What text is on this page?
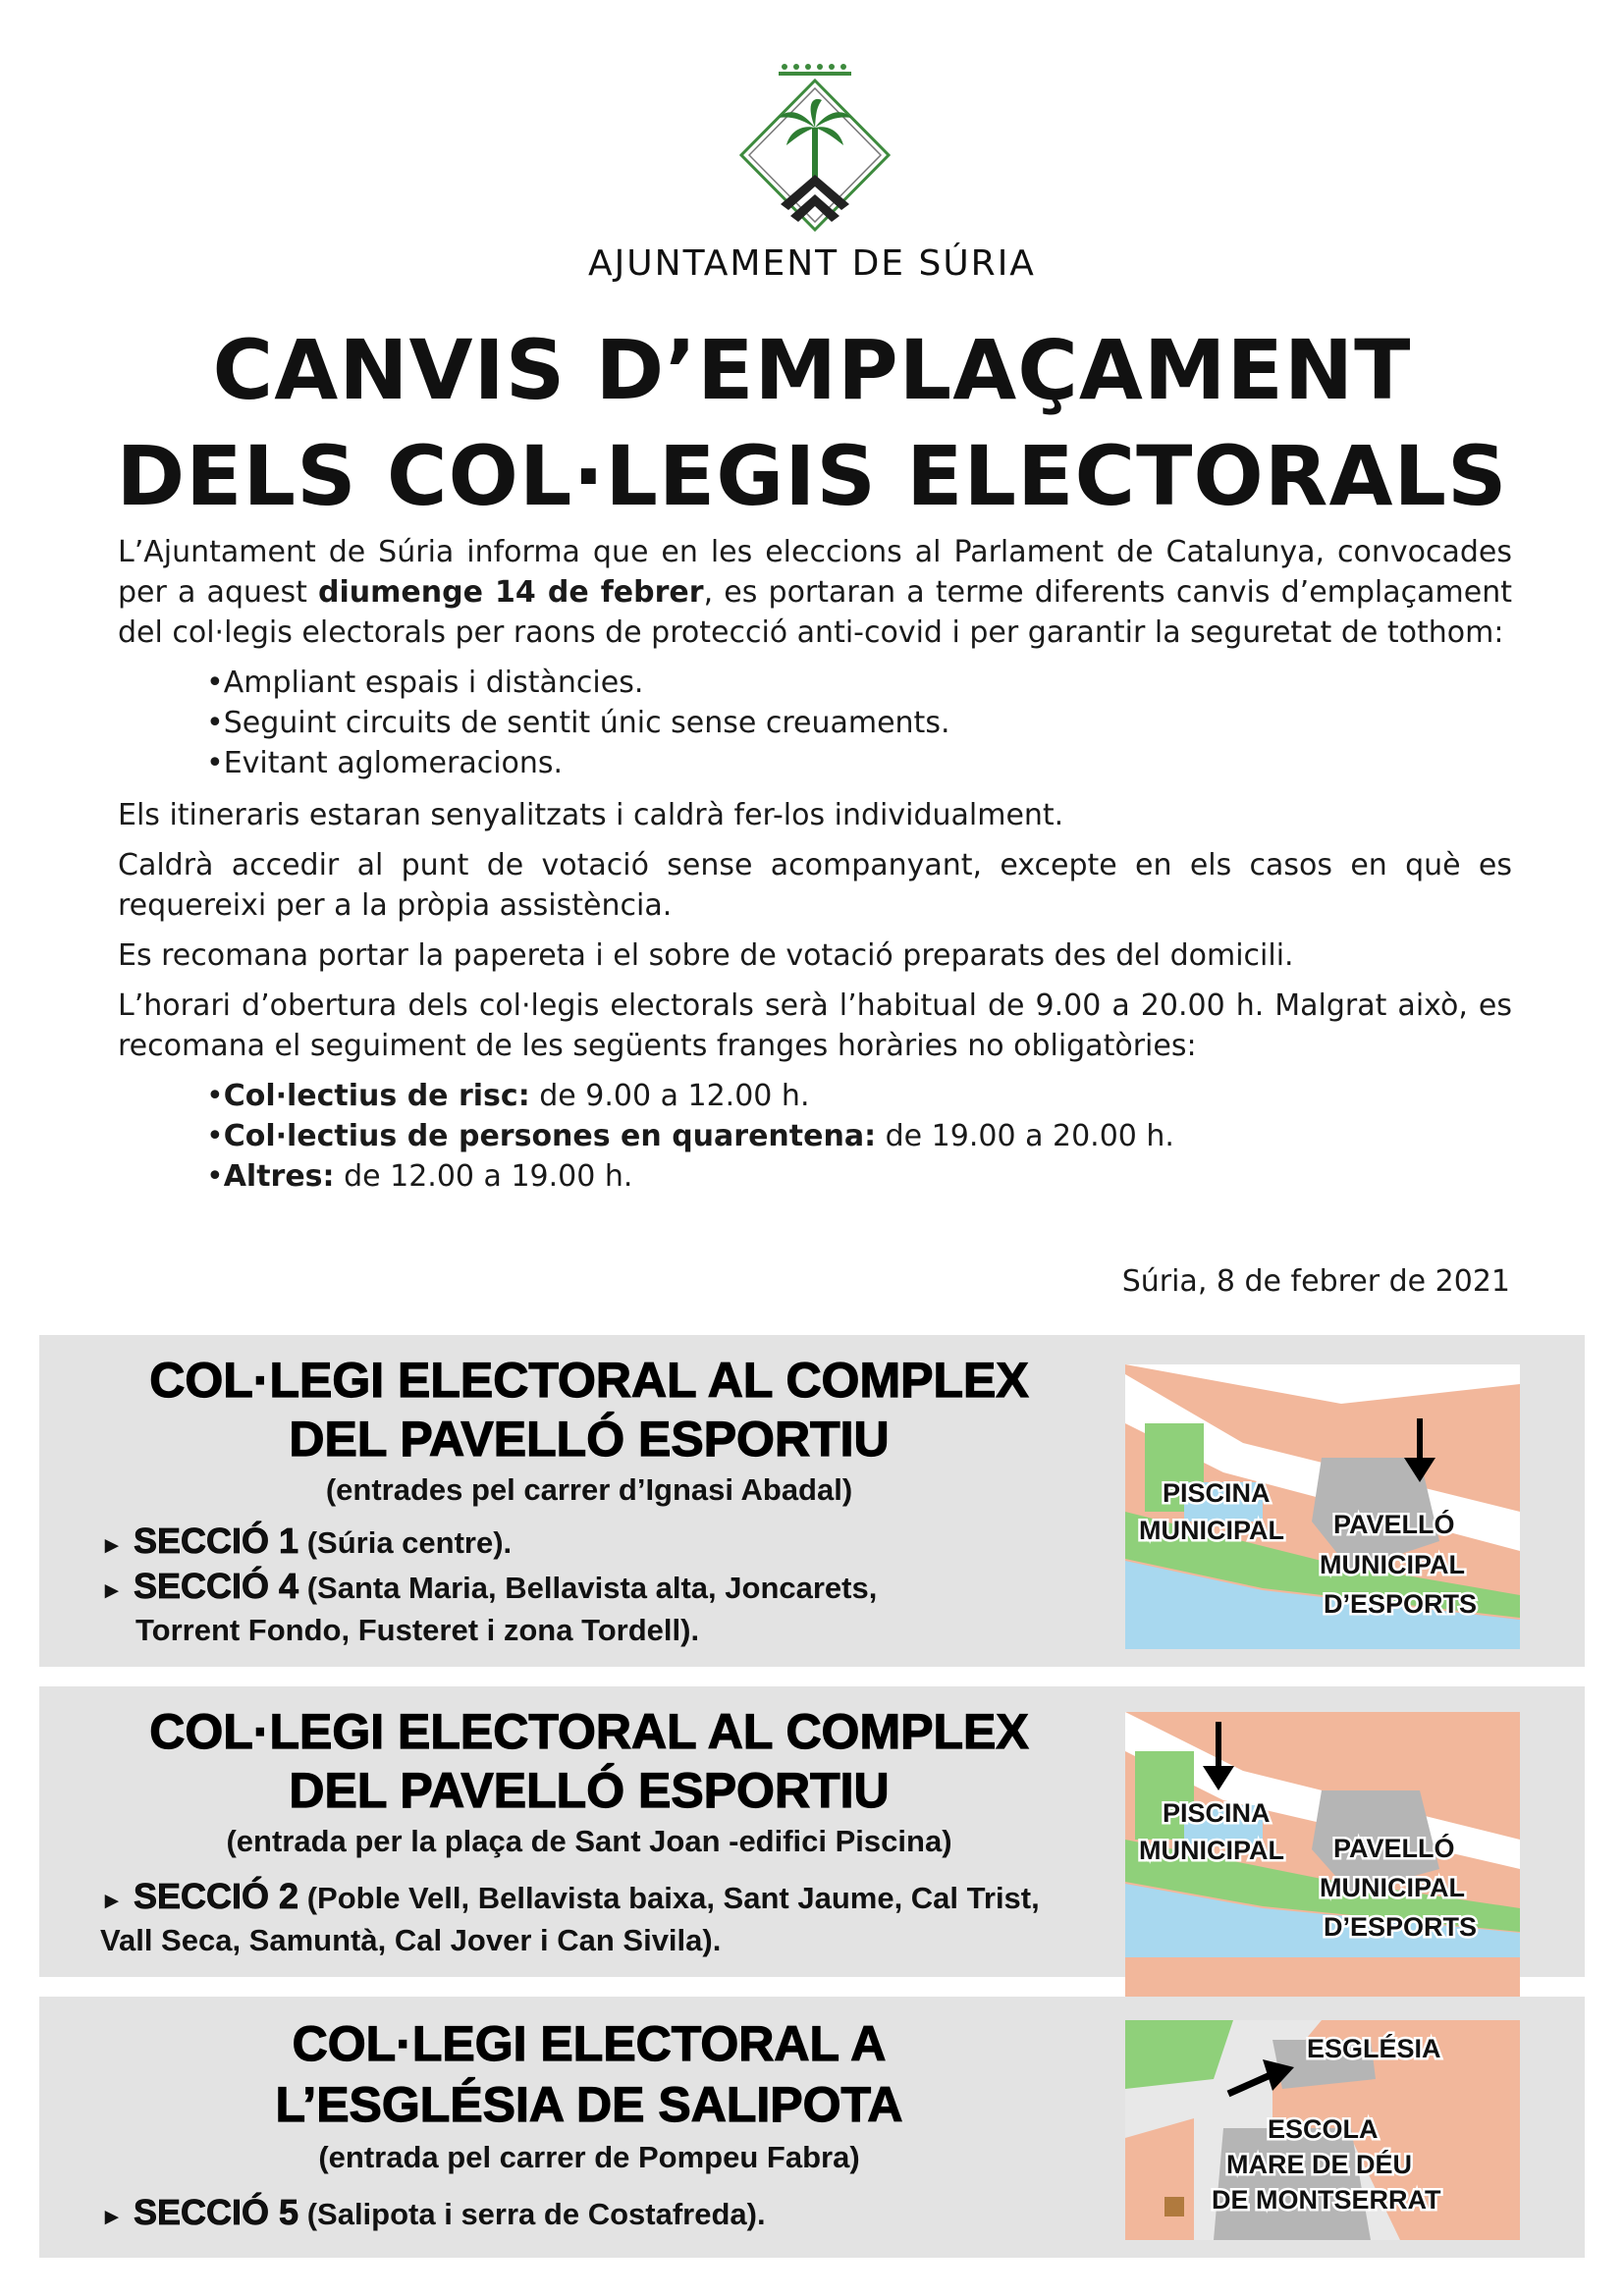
AJUNTAMENT DE SÚRIA
CANVIS D’EMPLAÇAMENT
DELS COL·LEGIS ELECTORALS

L’Ajuntament de Súria informa que en les eleccions al Parlament de Catalunya, convocades per a aquest diumenge 14 de febrer, es portaran a terme diferents canvis d’emplaçament del col·legis electorals per raons de protecció anti-covid i per garantir la seguretat de tothom:

• Ampliant espais i distàncies.
• Seguint circuits de sentit únic sense creuaments.
• Evitant aglomeracions.

Els itineraris estaran senyalitzats i caldrà fer-los individualment.

Caldrà accedir al punt de votació sense acompanyant, excepte en els casos en què es requereixi per a la pròpia assistència.

Es recomana portar la papereta i el sobre de votació preparats des del domicili.

L’horari d’obertura dels col·legis electorals serà l’habitual de 9.00 a 20.00 h. Malgrat això, es recomana el seguiment de les següents franges horàries no obligatòries:

• Col·lectius de risc: de 9.00 a 12.00 h.
• Col·lectius de persones en quarentena: de 19.00 a 20.00 h.
• Altres: de 12.00 a 19.00 h.
Súria, 8 de febrer de 2021
COL·LEGI ELECTORAL AL COMPLEX
DEL PAVELLÓ ESPORTIU
(entrades pel carrer d’Ignasi Abadal)
► SECCIÓ 1 (Súria centre).
► SECCIÓ 4 (Santa Maria, Bellavista alta, Joncarets,
Torrent Fondo, Fusteret i zona Tordell).
PISCINA
MUNICIPAL PAVELLÓ
MUNICIPAL
D’ESPORTS
COL·LEGI ELECTORAL AL COMPLEX
DEL PAVELLÓ ESPORTIU
(entrada per la plaça de Sant Joan -edifici Piscina)
► SECCIÓ 2 (Poble Vell, Bellavista baixa, Sant Jaume, Cal Trist,
Vall Seca, Samuntà, Cal Jover i Can Sivila).
PISCINA
MUNICIPAL PAVELLÓ
MUNICIPAL
D’ESPORTS
COL·LEGI ELECTORAL A
L’ESGLÉSIA DE SALIPOTA
(entrada pel carrer de Pompeu Fabra)
► SECCIÓ 5 (Salipota i serra de Costafreda).
ESGLÉSIA
ESCOLA
MARE DE DÉU
DE MONTSERRAT
